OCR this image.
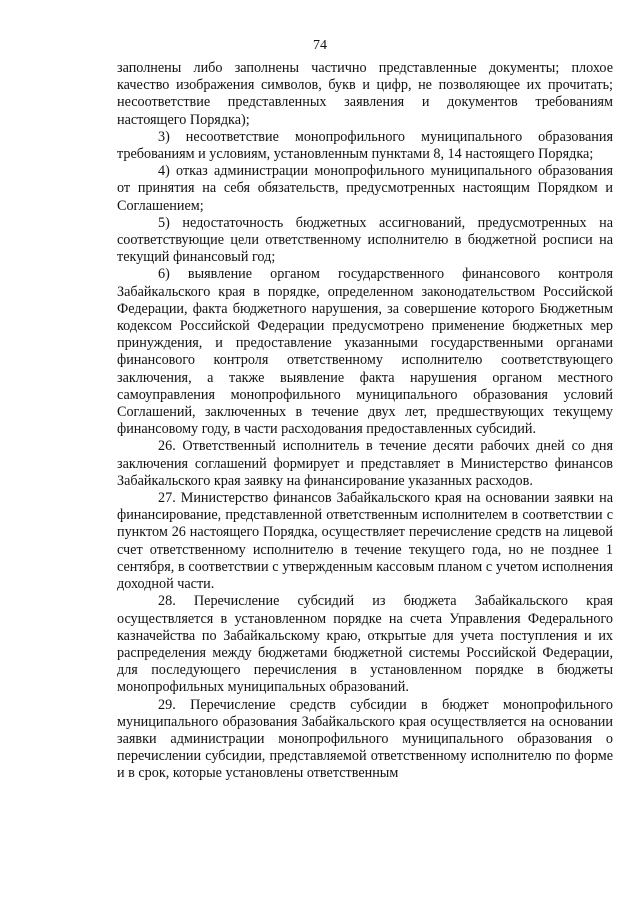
74

заполнены либо заполнены частично представленные документы; плохое качество изображения символов, букв и цифр, не позволяющее их прочитать; несоответствие представленных заявления и документов требованиям настоящего Порядка);

3) несоответствие монопрофильного муниципального образования требованиям и условиям, установленным пунктами 8, 14 настоящего Порядка;

4) отказ администрации монопрофильного муниципального образования от принятия на себя обязательств, предусмотренных настоящим Порядком и Соглашением;

5) недостаточность бюджетных ассигнований, предусмотренных на соответствующие цели ответственному исполнителю в бюджетной росписи на текущий финансовый год;

6) выявление органом государственного финансового контроля Забайкальского края в порядке, определенном законодательством Российской Федерации, факта бюджетного нарушения, за совершение которого Бюджетным кодексом Российской Федерации предусмотрено применение бюджетных мер принуждения, и предоставление указанными государственными органами финансового контроля ответственному исполнителю соответствующего заключения, а также выявление факта нарушения органом местного самоуправления монопрофильного муниципального образования условий Соглашений, заключенных в течение двух лет, предшествующих текущему финансовому году, в части расходования предоставленных субсидий.

26. Ответственный исполнитель в течение десяти рабочих дней со дня заключения соглашений формирует и представляет в Министерство финансов Забайкальского края заявку на финансирование указанных расходов.

27. Министерство финансов Забайкальского края на основании заявки на финансирование, представленной ответственным исполнителем в соответствии с пунктом 26 настоящего Порядка, осуществляет перечисление средств на лицевой счет ответственному исполнителю в течение текущего года, но не позднее 1 сентября, в соответствии с утвержденным кассовым планом с учетом исполнения доходной части.

28. Перечисление субсидий из бюджета Забайкальского края осуществляется в установленном порядке на счета Управления Федерального казначейства по Забайкальскому краю, открытые для учета поступления и их распределения между бюджетами бюджетной системы Российской Федерации, для последующего перечисления в установленном порядке в бюджеты монопрофильных муниципальных образований.

29. Перечисление средств субсидии в бюджет монопрофильного муниципального образования Забайкальского края осуществляется на основании заявки администрации монопрофильного муниципального образования о перечислении субсидии, представляемой ответственному исполнителю по форме и в срок, которые установлены ответственным
